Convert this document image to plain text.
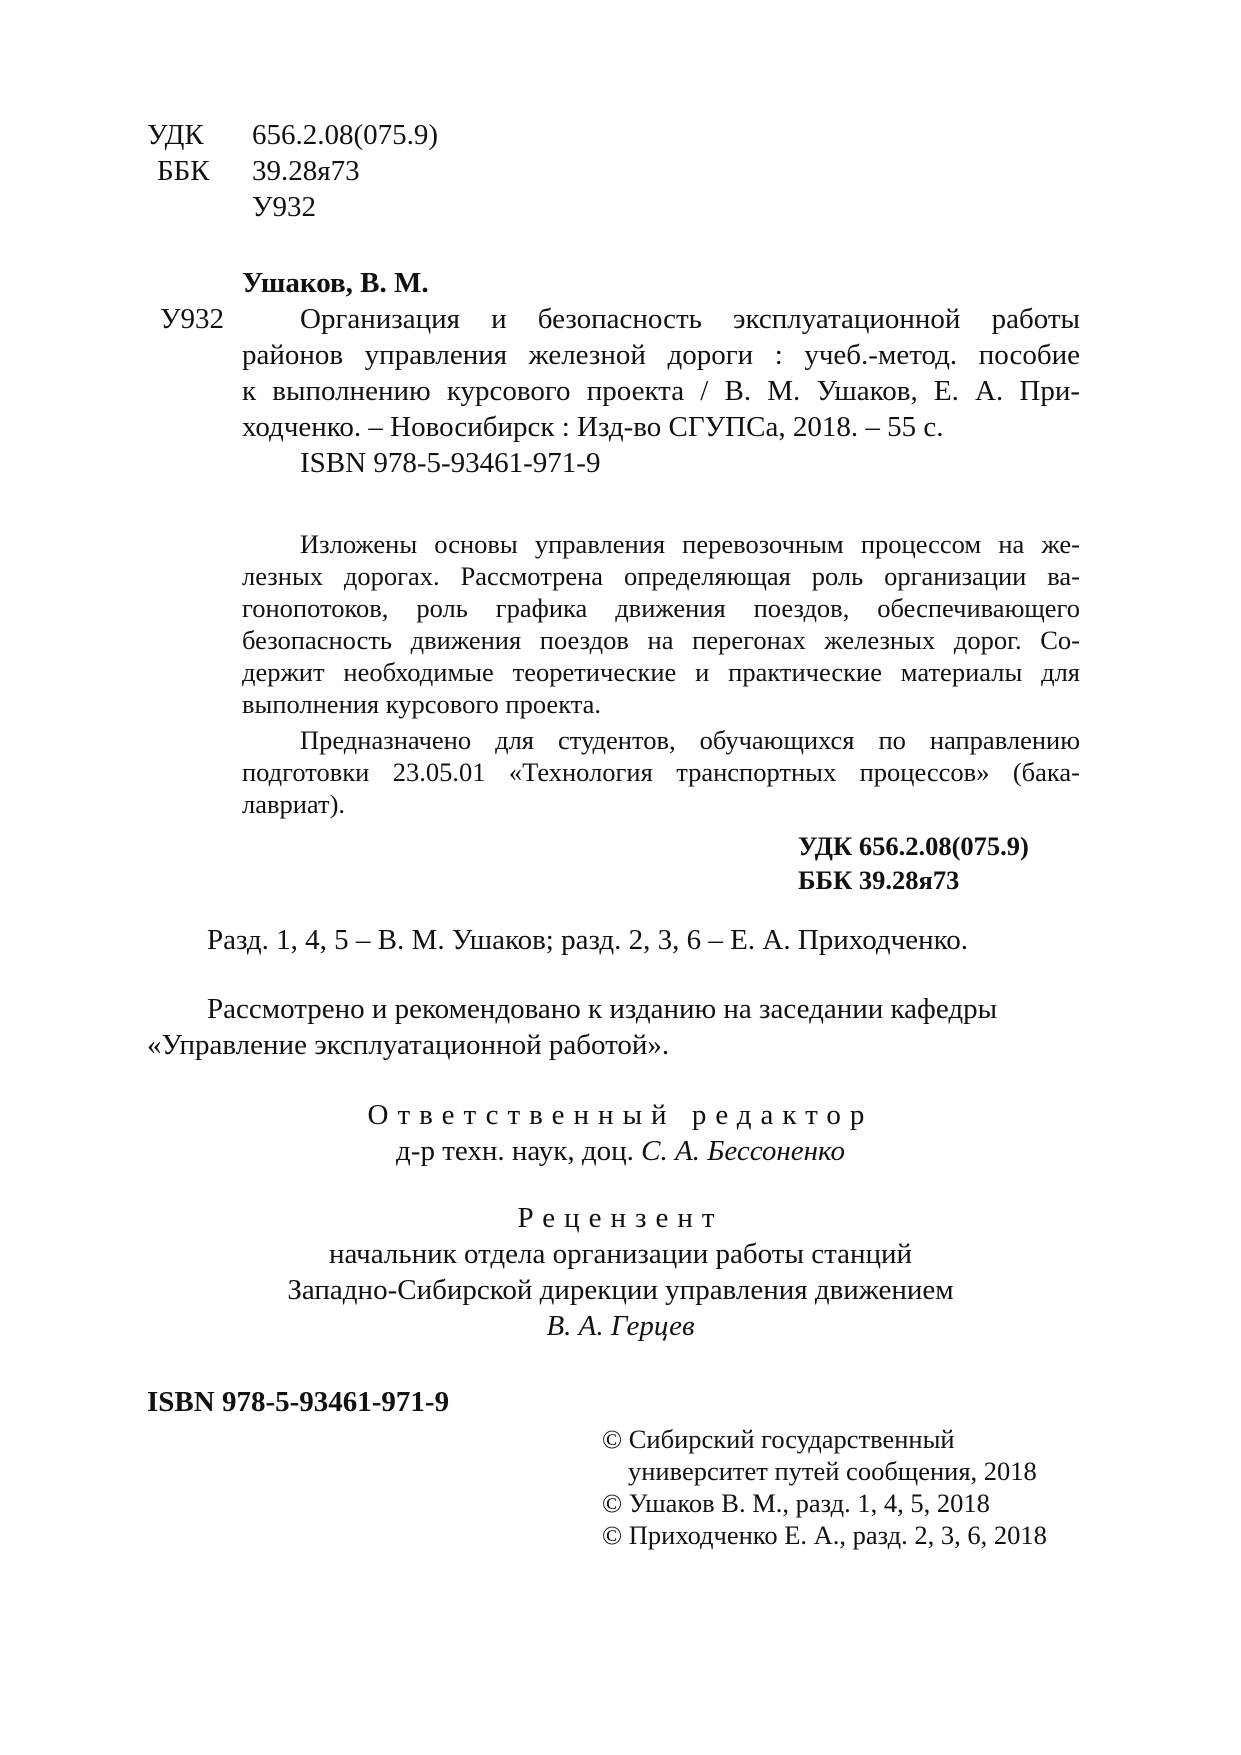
УДК 656.2.08(075.9)
ББК 39.28я73
У932
Ушаков, В. М.
У932	Организация и безопасность эксплуатационной работы
районов управления железной дороги : учеб.-метод. пособие
к выполнению курсового проекта / В. М. Ушаков, Е. А. При-
ходченко. – Новосибирск : Изд-во СГУПСа, 2018. – 55 с.
ISBN 978-5-93461-971-9
Изложены основы управления перевозочным процессом на же-
лезных дорогах. Рассмотрена определяющая роль организации ва-
гонопотоков, роль графика движения поездов, обеспечивающего
безопасность движения поездов на перегонах железных дорог. Со-
держит необходимые теоретические и практические материалы для
выполнения курсового проекта.
Предназначено для студентов, обучающихся по направлению
подготовки 23.05.01 «Технология транспортных процессов» (бака-
лавриат).
УДК 656.2.08(075.9)
ББК 39.28я73
Разд. 1, 4, 5 – В. М. Ушаков; разд. 2, 3, 6 – Е. А. Приходченко.
Рассмотрено и рекомендовано к изданию на заседании кафедры
«Управление эксплуатационной работой».
Ответственный редактор
д-р техн. наук, доц. С. А. Бессоненко
Рецензент
начальник отдела организации работы станций
Западно-Сибирской дирекции управления движением
В. А. Герцев
ISBN 978-5-93461-971-9
© Сибирский государственный
университет путей сообщения, 2018
© Ушаков В. М., разд. 1, 4, 5, 2018
© Приходченко Е. А., разд. 2, 3, 6, 2018
